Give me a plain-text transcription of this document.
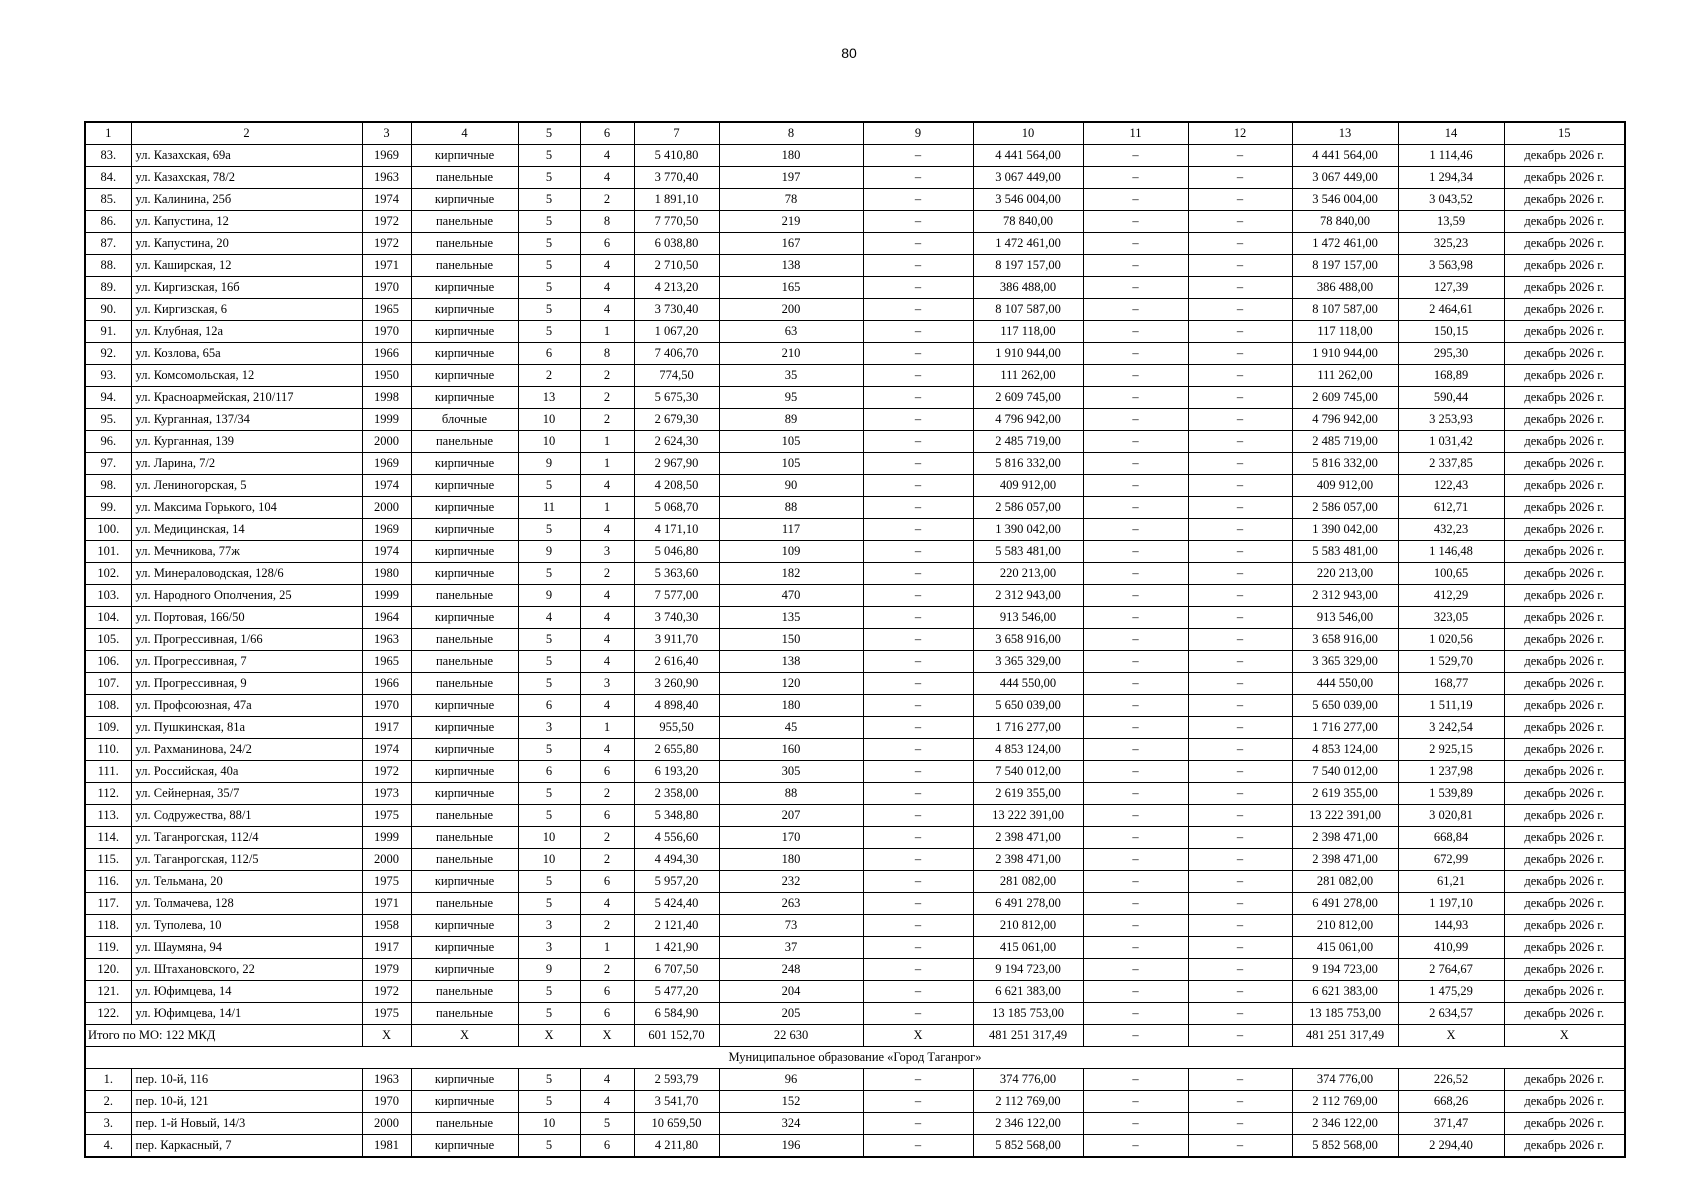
80
1	2	3	4	5	6	7	8	9	10	11	12	13	14	15
83.	ул. Казахская, 69а	1969	кирпичные	5	4	5 410,80	180	–	4 441 564,00	–	–	4 441 564,00	1 114,46	декабрь 2026 г.
84.	ул. Казахская, 78/2	1963	панельные	5	4	3 770,40	197	–	3 067 449,00	–	–	3 067 449,00	1 294,34	декабрь 2026 г.
85.	ул. Калинина, 25б	1974	кирпичные	5	2	1 891,10	78	–	3 546 004,00	–	–	3 546 004,00	3 043,52	декабрь 2026 г.
86.	ул. Капустина, 12	1972	панельные	5	8	7 770,50	219	–	78 840,00	–	–	78 840,00	13,59	декабрь 2026 г.
87.	ул. Капустина, 20	1972	панельные	5	6	6 038,80	167	–	1 472 461,00	–	–	1 472 461,00	325,23	декабрь 2026 г.
88.	ул. Каширская, 12	1971	панельные	5	4	2 710,50	138	–	8 197 157,00	–	–	8 197 157,00	3 563,98	декабрь 2026 г.
89.	ул. Киргизская, 16б	1970	кирпичные	5	4	4 213,20	165	–	386 488,00	–	–	386 488,00	127,39	декабрь 2026 г.
90.	ул. Киргизская, 6	1965	кирпичные	5	4	3 730,40	200	–	8 107 587,00	–	–	8 107 587,00	2 464,61	декабрь 2026 г.
91.	ул. Клубная, 12а	1970	кирпичные	5	1	1 067,20	63	–	117 118,00	–	–	117 118,00	150,15	декабрь 2026 г.
92.	ул. Козлова, 65а	1966	кирпичные	6	8	7 406,70	210	–	1 910 944,00	–	–	1 910 944,00	295,30	декабрь 2026 г.
93.	ул. Комсомольская, 12	1950	кирпичные	2	2	774,50	35	–	111 262,00	–	–	111 262,00	168,89	декабрь 2026 г.
94.	ул. Красноармейская, 210/117	1998	кирпичные	13	2	5 675,30	95	–	2 609 745,00	–	–	2 609 745,00	590,44	декабрь 2026 г.
95.	ул. Курганная, 137/34	1999	блочные	10	2	2 679,30	89	–	4 796 942,00	–	–	4 796 942,00	3 253,93	декабрь 2026 г.
96.	ул. Курганная, 139	2000	панельные	10	1	2 624,30	105	–	2 485 719,00	–	–	2 485 719,00	1 031,42	декабрь 2026 г.
97.	ул. Ларина, 7/2	1969	кирпичные	9	1	2 967,90	105	–	5 816 332,00	–	–	5 816 332,00	2 337,85	декабрь 2026 г.
98.	ул. Лениногорская, 5	1974	кирпичные	5	4	4 208,50	90	–	409 912,00	–	–	409 912,00	122,43	декабрь 2026 г.
99.	ул. Максима Горького, 104	2000	кирпичные	11	1	5 068,70	88	–	2 586 057,00	–	–	2 586 057,00	612,71	декабрь 2026 г.
100.	ул. Медицинская, 14	1969	кирпичные	5	4	4 171,10	117	–	1 390 042,00	–	–	1 390 042,00	432,23	декабрь 2026 г.
101.	ул. Мечникова, 77ж	1974	кирпичные	9	3	5 046,80	109	–	5 583 481,00	–	–	5 583 481,00	1 146,48	декабрь 2026 г.
102.	ул. Минераловодская, 128/6	1980	кирпичные	5	2	5 363,60	182	–	220 213,00	–	–	220 213,00	100,65	декабрь 2026 г.
103.	ул. Народного Ополчения, 25	1999	панельные	9	4	7 577,00	470	–	2 312 943,00	–	–	2 312 943,00	412,29	декабрь 2026 г.
104.	ул. Портовая, 166/50	1964	кирпичные	4	4	3 740,30	135	–	913 546,00	–	–	913 546,00	323,05	декабрь 2026 г.
105.	ул. Прогрессивная, 1/66	1963	панельные	5	4	3 911,70	150	–	3 658 916,00	–	–	3 658 916,00	1 020,56	декабрь 2026 г.
106.	ул. Прогрессивная, 7	1965	панельные	5	4	2 616,40	138	–	3 365 329,00	–	–	3 365 329,00	1 529,70	декабрь 2026 г.
107.	ул. Прогрессивная, 9	1966	панельные	5	3	3 260,90	120	–	444 550,00	–	–	444 550,00	168,77	декабрь 2026 г.
108.	ул. Профсоюзная, 47а	1970	кирпичные	6	4	4 898,40	180	–	5 650 039,00	–	–	5 650 039,00	1 511,19	декабрь 2026 г.
109.	ул. Пушкинская, 81а	1917	кирпичные	3	1	955,50	45	–	1 716 277,00	–	–	1 716 277,00	3 242,54	декабрь 2026 г.
110.	ул. Рахманинова, 24/2	1974	кирпичные	5	4	2 655,80	160	–	4 853 124,00	–	–	4 853 124,00	2 925,15	декабрь 2026 г.
111.	ул. Российская, 40а	1972	кирпичные	6	6	6 193,20	305	–	7 540 012,00	–	–	7 540 012,00	1 237,98	декабрь 2026 г.
112.	ул. Сейнерная, 35/7	1973	кирпичные	5	2	2 358,00	88	–	2 619 355,00	–	–	2 619 355,00	1 539,89	декабрь 2026 г.
113.	ул. Содружества, 88/1	1975	панельные	5	6	5 348,80	207	–	13 222 391,00	–	–	13 222 391,00	3 020,81	декабрь 2026 г.
114.	ул. Таганрогская, 112/4	1999	панельные	10	2	4 556,60	170	–	2 398 471,00	–	–	2 398 471,00	668,84	декабрь 2026 г.
115.	ул. Таганрогская, 112/5	2000	панельные	10	2	4 494,30	180	–	2 398 471,00	–	–	2 398 471,00	672,99	декабрь 2026 г.
116.	ул. Тельмана, 20	1975	кирпичные	5	6	5 957,20	232	–	281 082,00	–	–	281 082,00	61,21	декабрь 2026 г.
117.	ул. Толмачева, 128	1971	панельные	5	4	5 424,40	263	–	6 491 278,00	–	–	6 491 278,00	1 197,10	декабрь 2026 г.
118.	ул. Туполева, 10	1958	кирпичные	3	2	2 121,40	73	–	210 812,00	–	–	210 812,00	144,93	декабрь 2026 г.
119.	ул. Шаумяна, 94	1917	кирпичные	3	1	1 421,90	37	–	415 061,00	–	–	415 061,00	410,99	декабрь 2026 г.
120.	ул. Штахановского, 22	1979	кирпичные	9	2	6 707,50	248	–	9 194 723,00	–	–	9 194 723,00	2 764,67	декабрь 2026 г.
121.	ул. Юфимцева, 14	1972	панельные	5	6	5 477,20	204	–	6 621 383,00	–	–	6 621 383,00	1 475,29	декабрь 2026 г.
122.	ул. Юфимцева, 14/1	1975	панельные	5	6	6 584,90	205	–	13 185 753,00	–	–	13 185 753,00	2 634,57	декабрь 2026 г.
Итого по МО: 122 МКД		Х	Х	Х	Х	601 152,70	22 630	Х	481 251 317,49	–	–	481 251 317,49	Х	Х
Муниципальное образование «Город Таганрог»														
1.	пер. 10-й, 116	1963	кирпичные	5	4	2 593,79	96	–	374 776,00	–	–	374 776,00	226,52	декабрь 2026 г.
2.	пер. 10-й, 121	1970	кирпичные	5	4	3 541,70	152	–	2 112 769,00	–	–	2 112 769,00	668,26	декабрь 2026 г.
3.	пер. 1-й Новый, 14/3	2000	панельные	10	5	10 659,50	324	–	2 346 122,00	–	–	2 346 122,00	371,47	декабрь 2026 г.
4.	пер. Каркасный, 7	1981	кирпичные	5	6	4 211,80	196	–	5 852 568,00	–	–	5 852 568,00	2 294,40	декабрь 2026 г.
